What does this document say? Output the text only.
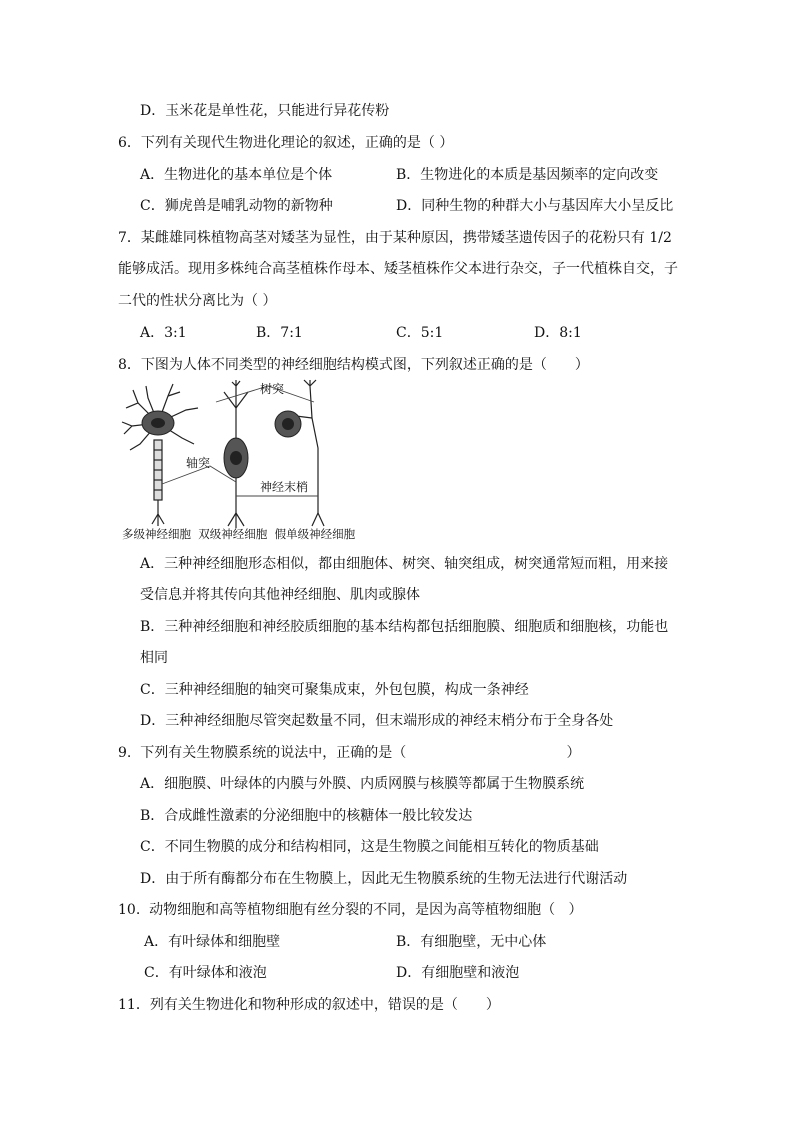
D．玉米花是单性花，只能进行异花传粉
6．下列有关现代生物进化理论的叙述，正确的是（ ）
A．生物进化的基本单位是个体	B．生物进化的本质是基因频率的定向改变
C．狮虎兽是哺乳动物的新物种	D．同种生物的种群大小与基因库大小呈反比
7．某雌雄同株植物高茎对矮茎为显性，由于某种原因，携带矮茎遗传因子的花粉只有 1/2
能够成活。现用多株纯合高茎植株作母本、矮茎植株作父本进行杂交，子一代植株自交，子
二代的性状分离比为（ ）
A．3:1	B．7:1	C．5:1	D．8:1
8．下图为人体不同类型的神经细胞结构模式图，下列叙述正确的是（　　）
树突
轴突
神经末梢
多级神经细胞  双级神经细胞  假单级神经细胞
A．三种神经细胞形态相似，都由细胞体、树突、轴突组成，树突通常短而粗，用来接
受信息并将其传向其他神经细胞、肌肉或腺体
B．三种神经细胞和神经胶质细胞的基本结构都包括细胞膜、细胞质和细胞核，功能也
相同
C．三种神经细胞的轴突可聚集成束，外包包膜，构成一条神经
D．三种神经细胞尽管突起数量不同，但末端形成的神经末梢分布于全身各处
9.  下列有关生物膜系统的说法中，正确的是（                                    ）
A．细胞膜、叶绿体的内膜与外膜、内质网膜与核膜等都属于生物膜系统
B．合成雌性激素的分泌细胞中的核糖体一般比较发达
C．不同生物膜的成分和结构相同，这是生物膜之间能相互转化的物质基础
D．由于所有酶都分布在生物膜上，因此无生物膜系统的生物无法进行代谢活动
10.  动物细胞和高等植物细胞有丝分裂的不同，是因为高等植物细胞（   ）
A．有叶绿体和细胞壁	B．有细胞壁，无中心体
C．有叶绿体和液泡	D．有细胞壁和液泡
11．列有关生物进化和物种形成的叙述中，错误的是（　　）
